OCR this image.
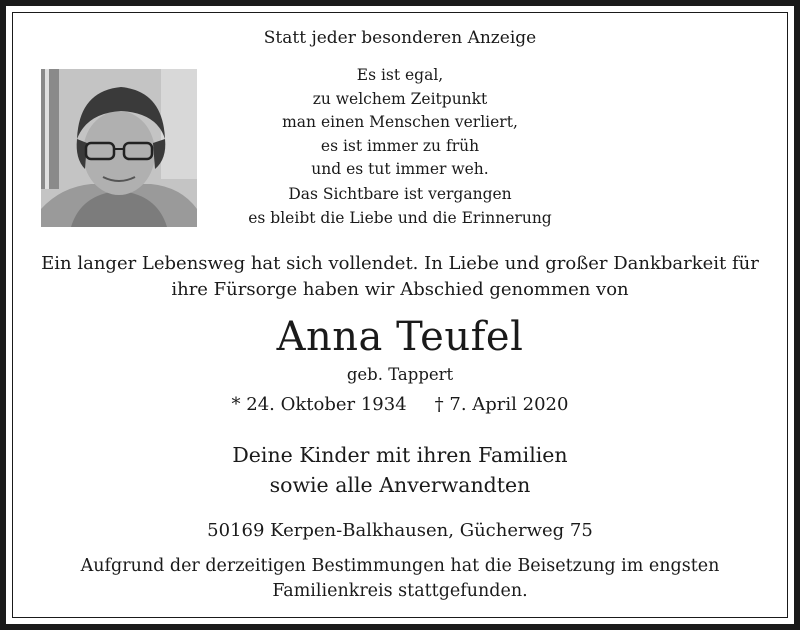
Statt jeder besonderen Anzeige
Es ist egal,
zu welchem Zeitpunkt
man einen Menschen verliert,
es ist immer zu früh
und es tut immer weh.
Das Sichtbare ist vergangen
es bleibt die Liebe und die Erinnerung
Ein langer Lebensweg hat sich vollendet. In Liebe und großer Dankbarkeit für
ihre Fürsorge haben wir Abschied genommen von
Anna Teufel
geb. Tappert
* 24. Oktober 1934 † 7. April 2020
Deine Kinder mit ihren Familien
sowie alle Anverwandten
50169 Kerpen-Balkhausen, Gücherweg 75
Aufgrund der derzeitigen Bestimmungen hat die Beisetzung im engsten
Familienkreis stattgefunden.
